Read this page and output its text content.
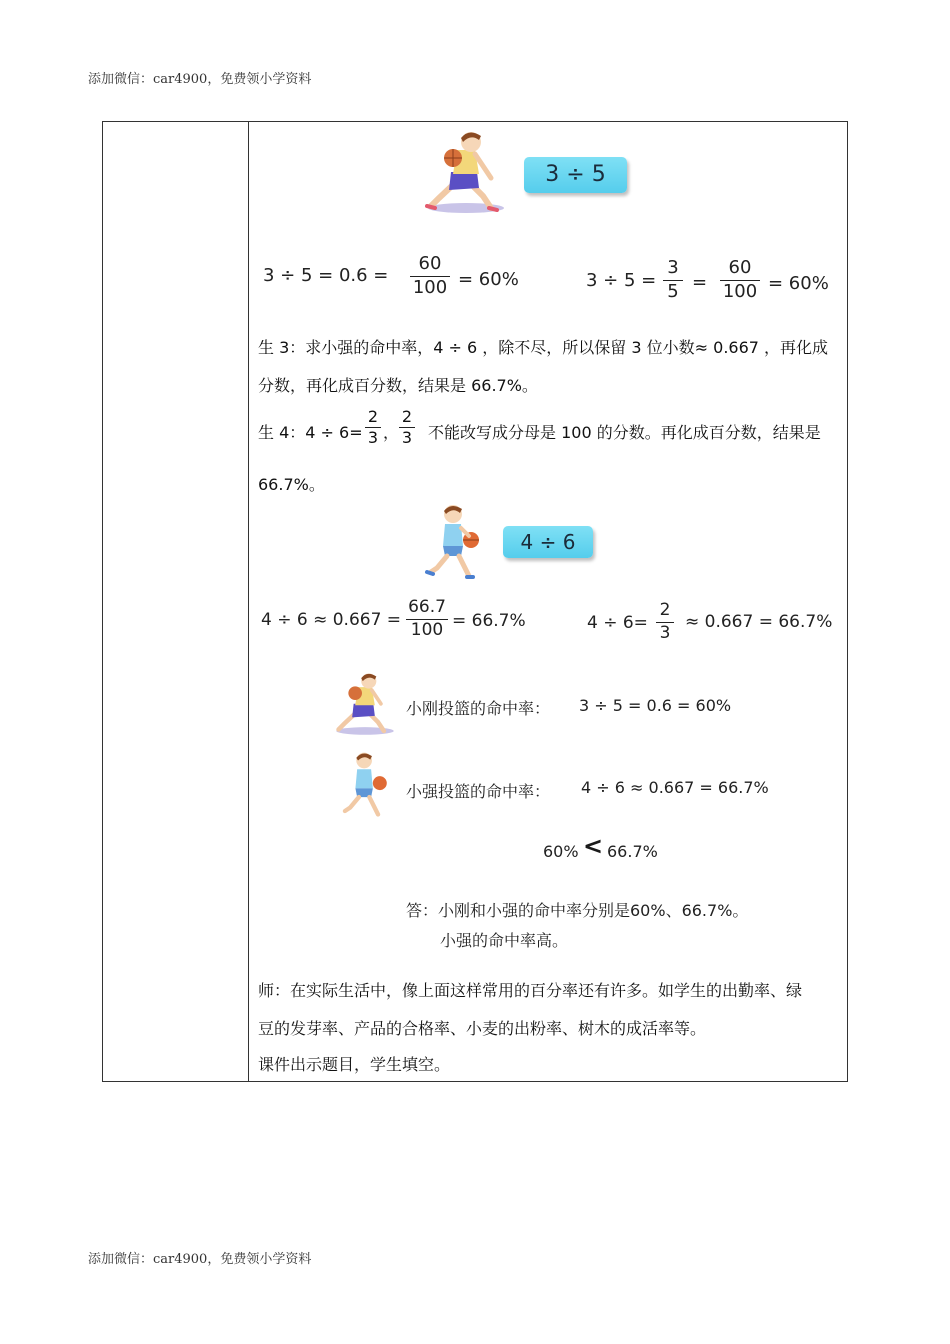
添加微信：car4900，免费领小学资料
3 ÷ 5
3 ÷ 5 = 0.6 =
60
100 = 60%	3 ÷ 5 =
3
5 =
60
100 = 60%
生 3：求小强的命中率，4 ÷ 6 ，除不尽，所以保留 3 位小数≈ 0.667 ，再化成
分数，再化成百分数，结果是 66.7%。
生 4：4 ÷ 6=
2
3 ，
2
3 不能改写成分母是 100 的分数。再化成百分数，结果是
66.7%。
4 ÷ 6
4 ÷ 6 ≈ 0.667 =
66.7
100 = 66.7%	4 ÷ 6=
2
3
≈ 0.667 = 66.7%
小刚投篮的命中率： 3 ÷ 5 = 0.6 = 60%
小强投篮的命中率： 4 ÷ 6 ≈ 0.667 = 66.7%
60% < 66.7%
答：小刚和小强的命中率分别是60%、66.7%。
小强的命中率高。
师：在实际生活中，像上面这样常用的百分率还有许多。如学生的出勤率、绿
豆的发芽率、产品的合格率、小麦的出粉率、树木的成活率等。
课件出示题目，学生填空。
添加微信：car4900，免费领小学资料
